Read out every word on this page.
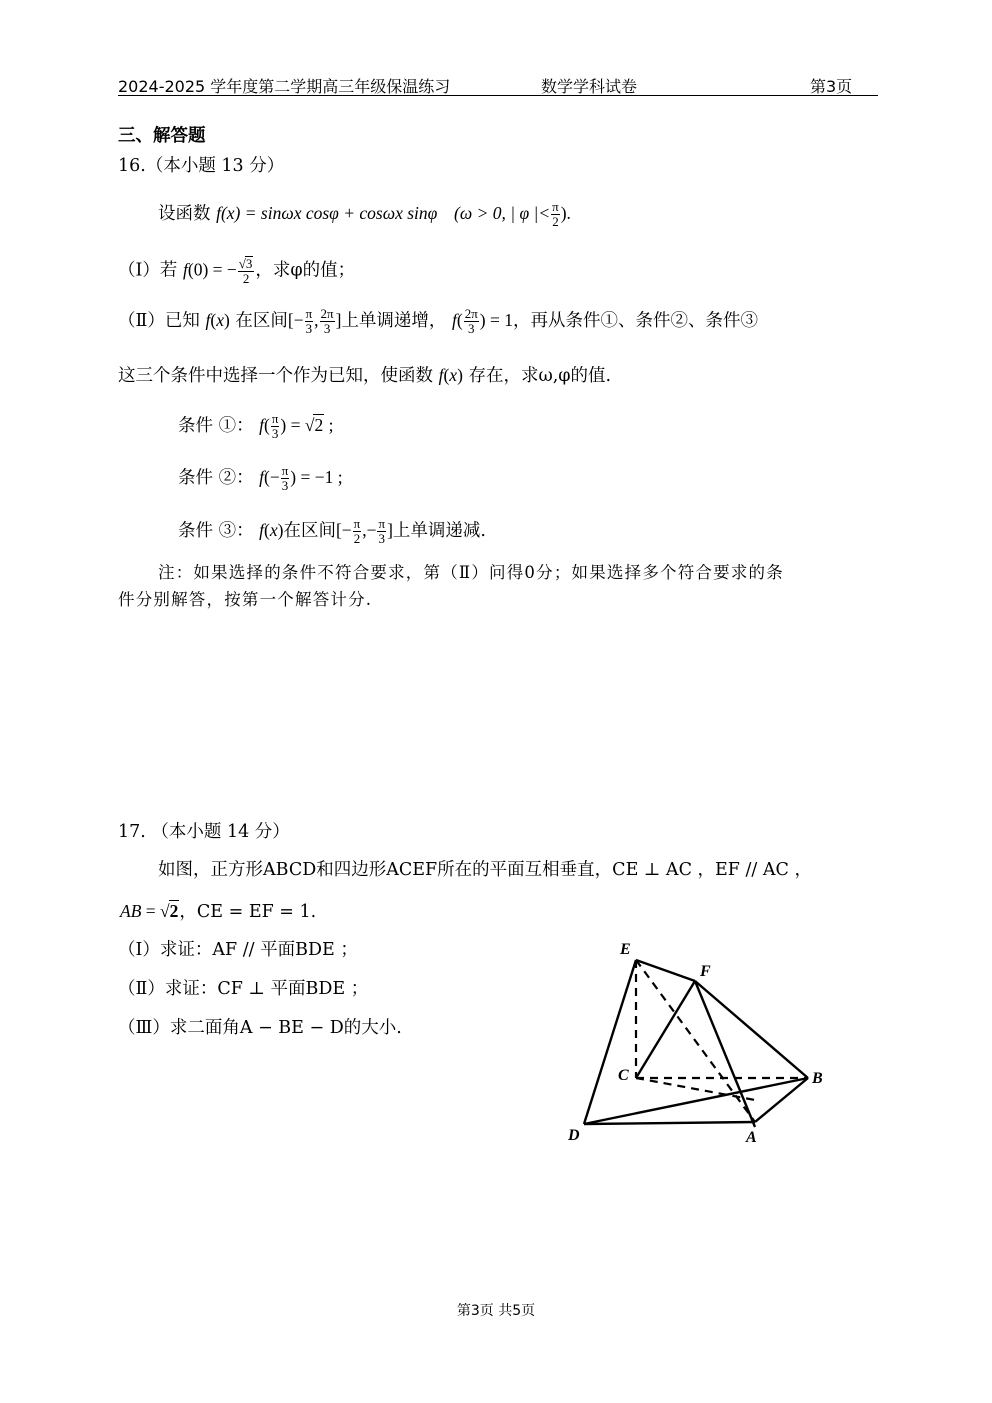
2024-2025 学年度第二学期高三年级保温练习	数学学科试卷	第3页
三、解答题
16.（本小题 13 分）
设函数 f(x) = sinωx cosφ + cosωx sinφ (ω > 0, | φ |< $\frac{\pi}{2}$ ).
（Ⅰ）若 f(0) = − $\frac{√3}{2}$ ，求φ的值；
（Ⅱ）已知 f(x) 在区间[− $\frac{\pi}{3}$ , $\frac{2\pi}{3}$ ]上单调递增， $f( \frac{2\pi}{3}$ ) = 1，再从条件①、条件②、条件③
这三个条件中选择一个作为已知，使函数 f(x) 存在，求ω,φ的值.
条件 ①： $f( \frac{\pi}{3}$ ) = √2 ;
条件 ②： $f(- \frac{\pi}{3}$ ) = −1 ;
条件 ③： f(x)在区间[− $\frac{\pi}{2}$ ,− $\frac{\pi}{3}$ ]上单调递减.
注：如果选择的条件不符合要求，第（Ⅱ）问得0分；如果选择多个符合要求的条
件分别解答，按第一个解答计分.
17. （本小题 14 分）
如图，正方形ABCD和四边形ACEF所在的平面互相垂直，CE ⊥ AC ，EF // AC ，
AB = √2，CE = EF = 1.
（Ⅰ）求证：AF // 平面BDE ；
（Ⅱ）求证：CF ⊥ 平面BDE ；
（Ⅲ）求二面角A − BE − D的大小.
E
F
C	B
D	A
第3页 共5页
